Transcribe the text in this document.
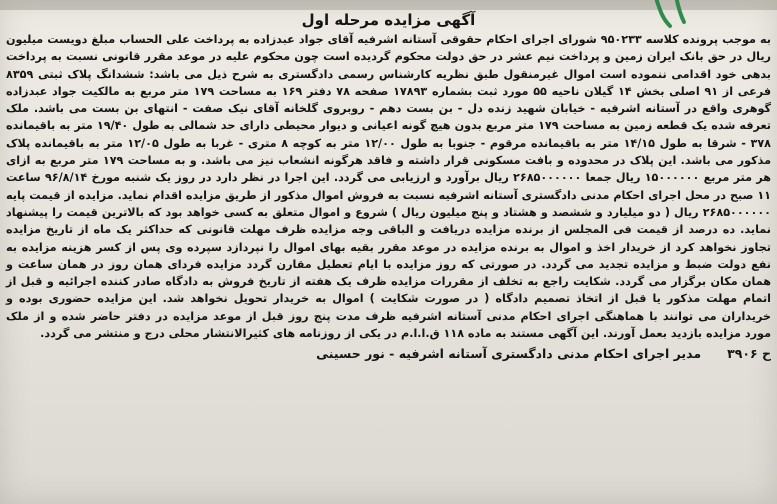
آگهی مزایده مرحله اول

به موجب پرونده کلاسه ۹۵۰۲۳۳ شورای اجرای احکام حقوقی آستانه اشرفیه آقای جواد عبدزاده به پرداخت علی الحساب مبلغ دویست میلیون ریال در حق بانک ایران زمین و پرداخت نیم عشر در حق دولت محکوم گردیده است چون محکوم علیه در موعد مقرر قانونی نسبت به پرداخت بدهی خود اقدامی ننموده است اموال غیرمنقول طبق نظریه کارشناس رسمی دادگستری به شرح ذیل می باشد: ششدانگ پلاک ثبتی ۸۳۵۹ فرعی از ۹۱ اصلی بخش ۱۴ گیلان ناحیه ۵۵ مورد ثبت بشماره ۱۷۸۹۳ صفحه ۷۸ دفتر ۱۶۹ به مساحت ۱۷۹ متر مربع به مالکیت جواد عبدزاده گوهری واقع در آستانه اشرفیه - خیابان شهید زنده دل - بن بست دهم - روبروی گلخانه آقای نیک صفت - انتهای بن بست می باشد. ملک تعرفه شده یک قطعه زمین به مساحت ۱۷۹ متر مربع بدون هیچ گونه اعیانی و دیوار محیطی دارای حد شمالی به طول ۱۹/۴۰ متر به باقیمانده ۳۷۸ - شرقا به طول ۱۴/۱۵ متر به باقیمانده مرقوم - جنوبا به طول ۱۲/۰۰ متر به کوچه ۸ متری - غربا به طول ۱۲/۰۵ متر به باقیمانده پلاک مذکور می باشد. این پلاک در محدوده و بافت مسکونی قرار داشته و فاقد هرگونه انشعاب نیز می باشد. و به مساحت ۱۷۹ متر مربع به ازای هر متر مربع ۱۵۰۰۰۰۰۰ ریال جمعا ۲۶۸۵۰۰۰۰۰۰ ریال برآورد و ارزیابی می گردد. این اجرا در نظر دارد در روز یک شنبه مورخ ۹۶/۸/۱۴ ساعت ۱۱ صبح در محل اجرای احکام مدنی دادگستری آستانه اشرفیه نسبت به فروش اموال مذکور از طریق مزایده اقدام نماید. مزایده از قیمت پایه ۲۶۸۵۰۰۰۰۰۰ ریال ( دو میلیارد و ششصد و هشتاد و پنج میلیون ریال ) شروع و اموال متعلق به کسی خواهد بود که بالاترین قیمت را پیشنهاد نماید. ده درصد از قیمت فی المجلس از برنده مزایده دریافت و الباقی وجه مزایده ظرف مهلت قانونی که حداکثر یک ماه از تاریخ مزایده تجاوز نخواهد کرد از خریدار اخذ و اموال به برنده مزایده در موعد مقرر بقیه بهای اموال را نپردازد سپرده وی پس از کسر هزینه مزایده به نفع دولت ضبط و مزایده تجدید می گردد. در صورتی که روز مزایده با ایام تعطیل مقارن گردد مزایده فردای همان روز در همان ساعت و همان مکان برگزار می گردد. شکایت راجع به تخلف از مقررات مزایده ظرف یک هفته از تاریخ فروش به دادگاه صادر کننده اجرائیه و قبل از اتمام مهلت مذکور یا قبل از اتخاذ تصمیم دادگاه ( در صورت شکایت ) اموال به خریدار تحویل نخواهد شد. این مزایده حضوری بوده و خریداران می توانند با هماهنگی اجرای احکام مدنی آستانه اشرفیه ظرف مدت پنج روز قبل از موعد مزایده در دفتر حاضر شده و از ملک مورد مزایده بازدید بعمل آورند. این آگهی مستند به ماده ۱۱۸ ق.ا.ا.م در یکی از روزنامه های کثیرالانتشار محلی درج و منتشر می گردد.

ح ۳۹۰۶
مدیر اجرای احکام مدنی دادگستری آستانه اشرفیه - نور حسینی
